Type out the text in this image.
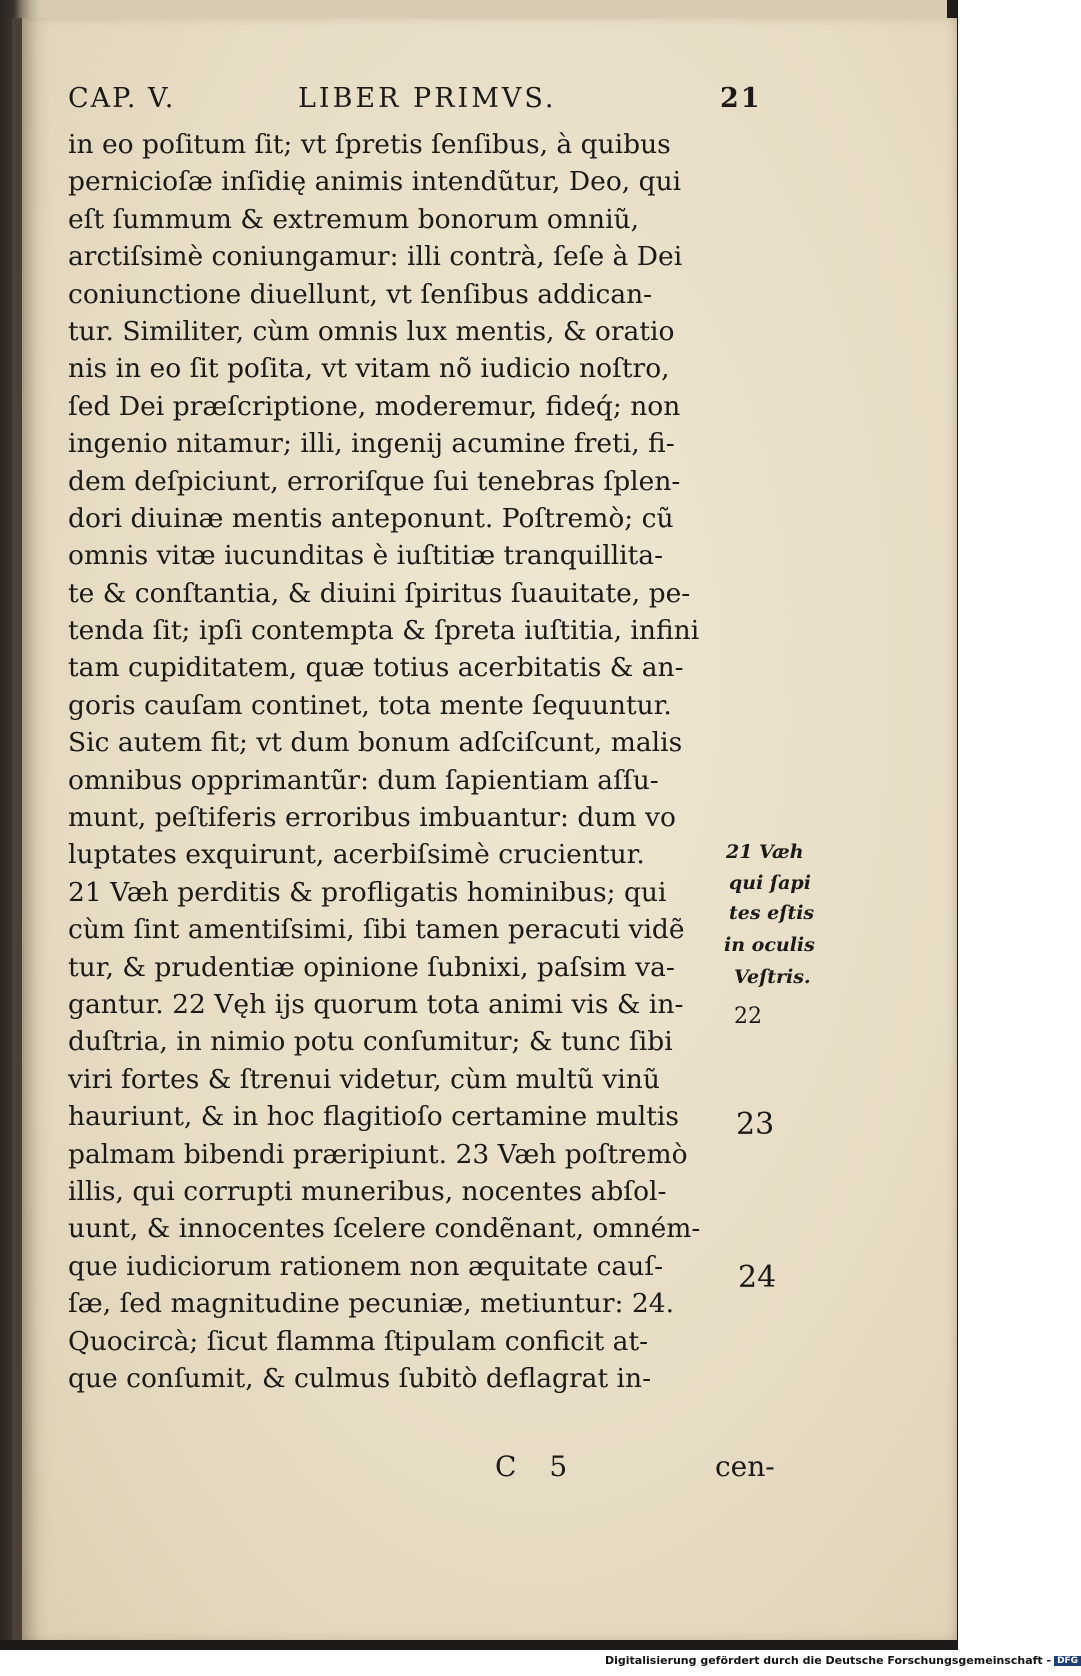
CAP. V.	LIBER PRIMVS.	21
in eo poſitum ſit; vt ſpretis ſenſibus, à quibus
pernicioſæ inſidię animis intendũtur, Deo, qui
eſt ſummum & extremum bonorum omniũ,
arctiſsimè coniungamur: illi contrà, ſeſe à Dei
coniunctione diuellunt, vt ſenſibus addican-
tur. Similiter, cùm omnis lux mentis, & oratio
nis in eo ſit poſita, vt vitam nõ iudicio noſtro,
ſed Dei præſcriptione, moderemur, fideq́; non
ingenio nitamur; illi, ingenij acumine freti, fi-
dem deſpiciunt, erroriſque ſui tenebras ſplen-
dori diuinæ mentis anteponunt. Poſtremò; cũ
omnis vitæ iucunditas è iuſtitiæ tranquillita-
te & conſtantia, & diuini ſpiritus ſuauitate, pe-
tenda ſit; ipſi contempta & ſpreta iuſtitia, infini
tam cupiditatem, quæ totius acerbitatis & an-
goris cauſam continet, tota mente ſequuntur.
Sic autem fit; vt dum bonum adſciſcunt, malis
omnibus opprimantũr: dum ſapientiam aſſu-
munt, peſtiferis erroribus imbuantur: dum vo
luptates exquirunt, acerbiſsimè crucientur.
21 Væh perditis & profligatis hominibus; qui
cùm ſint amentiſsimi, ſibi tamen peracuti vidẽ
tur, & prudentiæ opinione ſubnixi, paſsim va-
gantur. 22 Vęh ijs quorum tota animi vis & in-
duſtria, in nimio potu conſumitur; & tunc ſibi
viri fortes & ſtrenui videtur, cùm multũ vinũ
hauriunt, & in hoc flagitioſo certamine multis
palmam bibendi præripiunt. 23 Væh poſtremò
illis, qui corrupti muneribus, nocentes abſol-
uunt, & innocentes ſcelere condẽnant, omném-
que iudiciorum rationem non æquitate cauſ-
ſæ, ſed magnitudine pecuniæ, metiuntur: 24.
Quocircà; ſicut flamma ſtipulam conficit at-
que conſumit, & culmus ſubitò deflagrat in-
21 Væh
qui ſapi
tes eſtis
in oculis
Veſtris.
22
23
24
C 5	cen-
Digitalisierung gefördert durch die Deutsche Forschungsgemeinschaft - DFG
